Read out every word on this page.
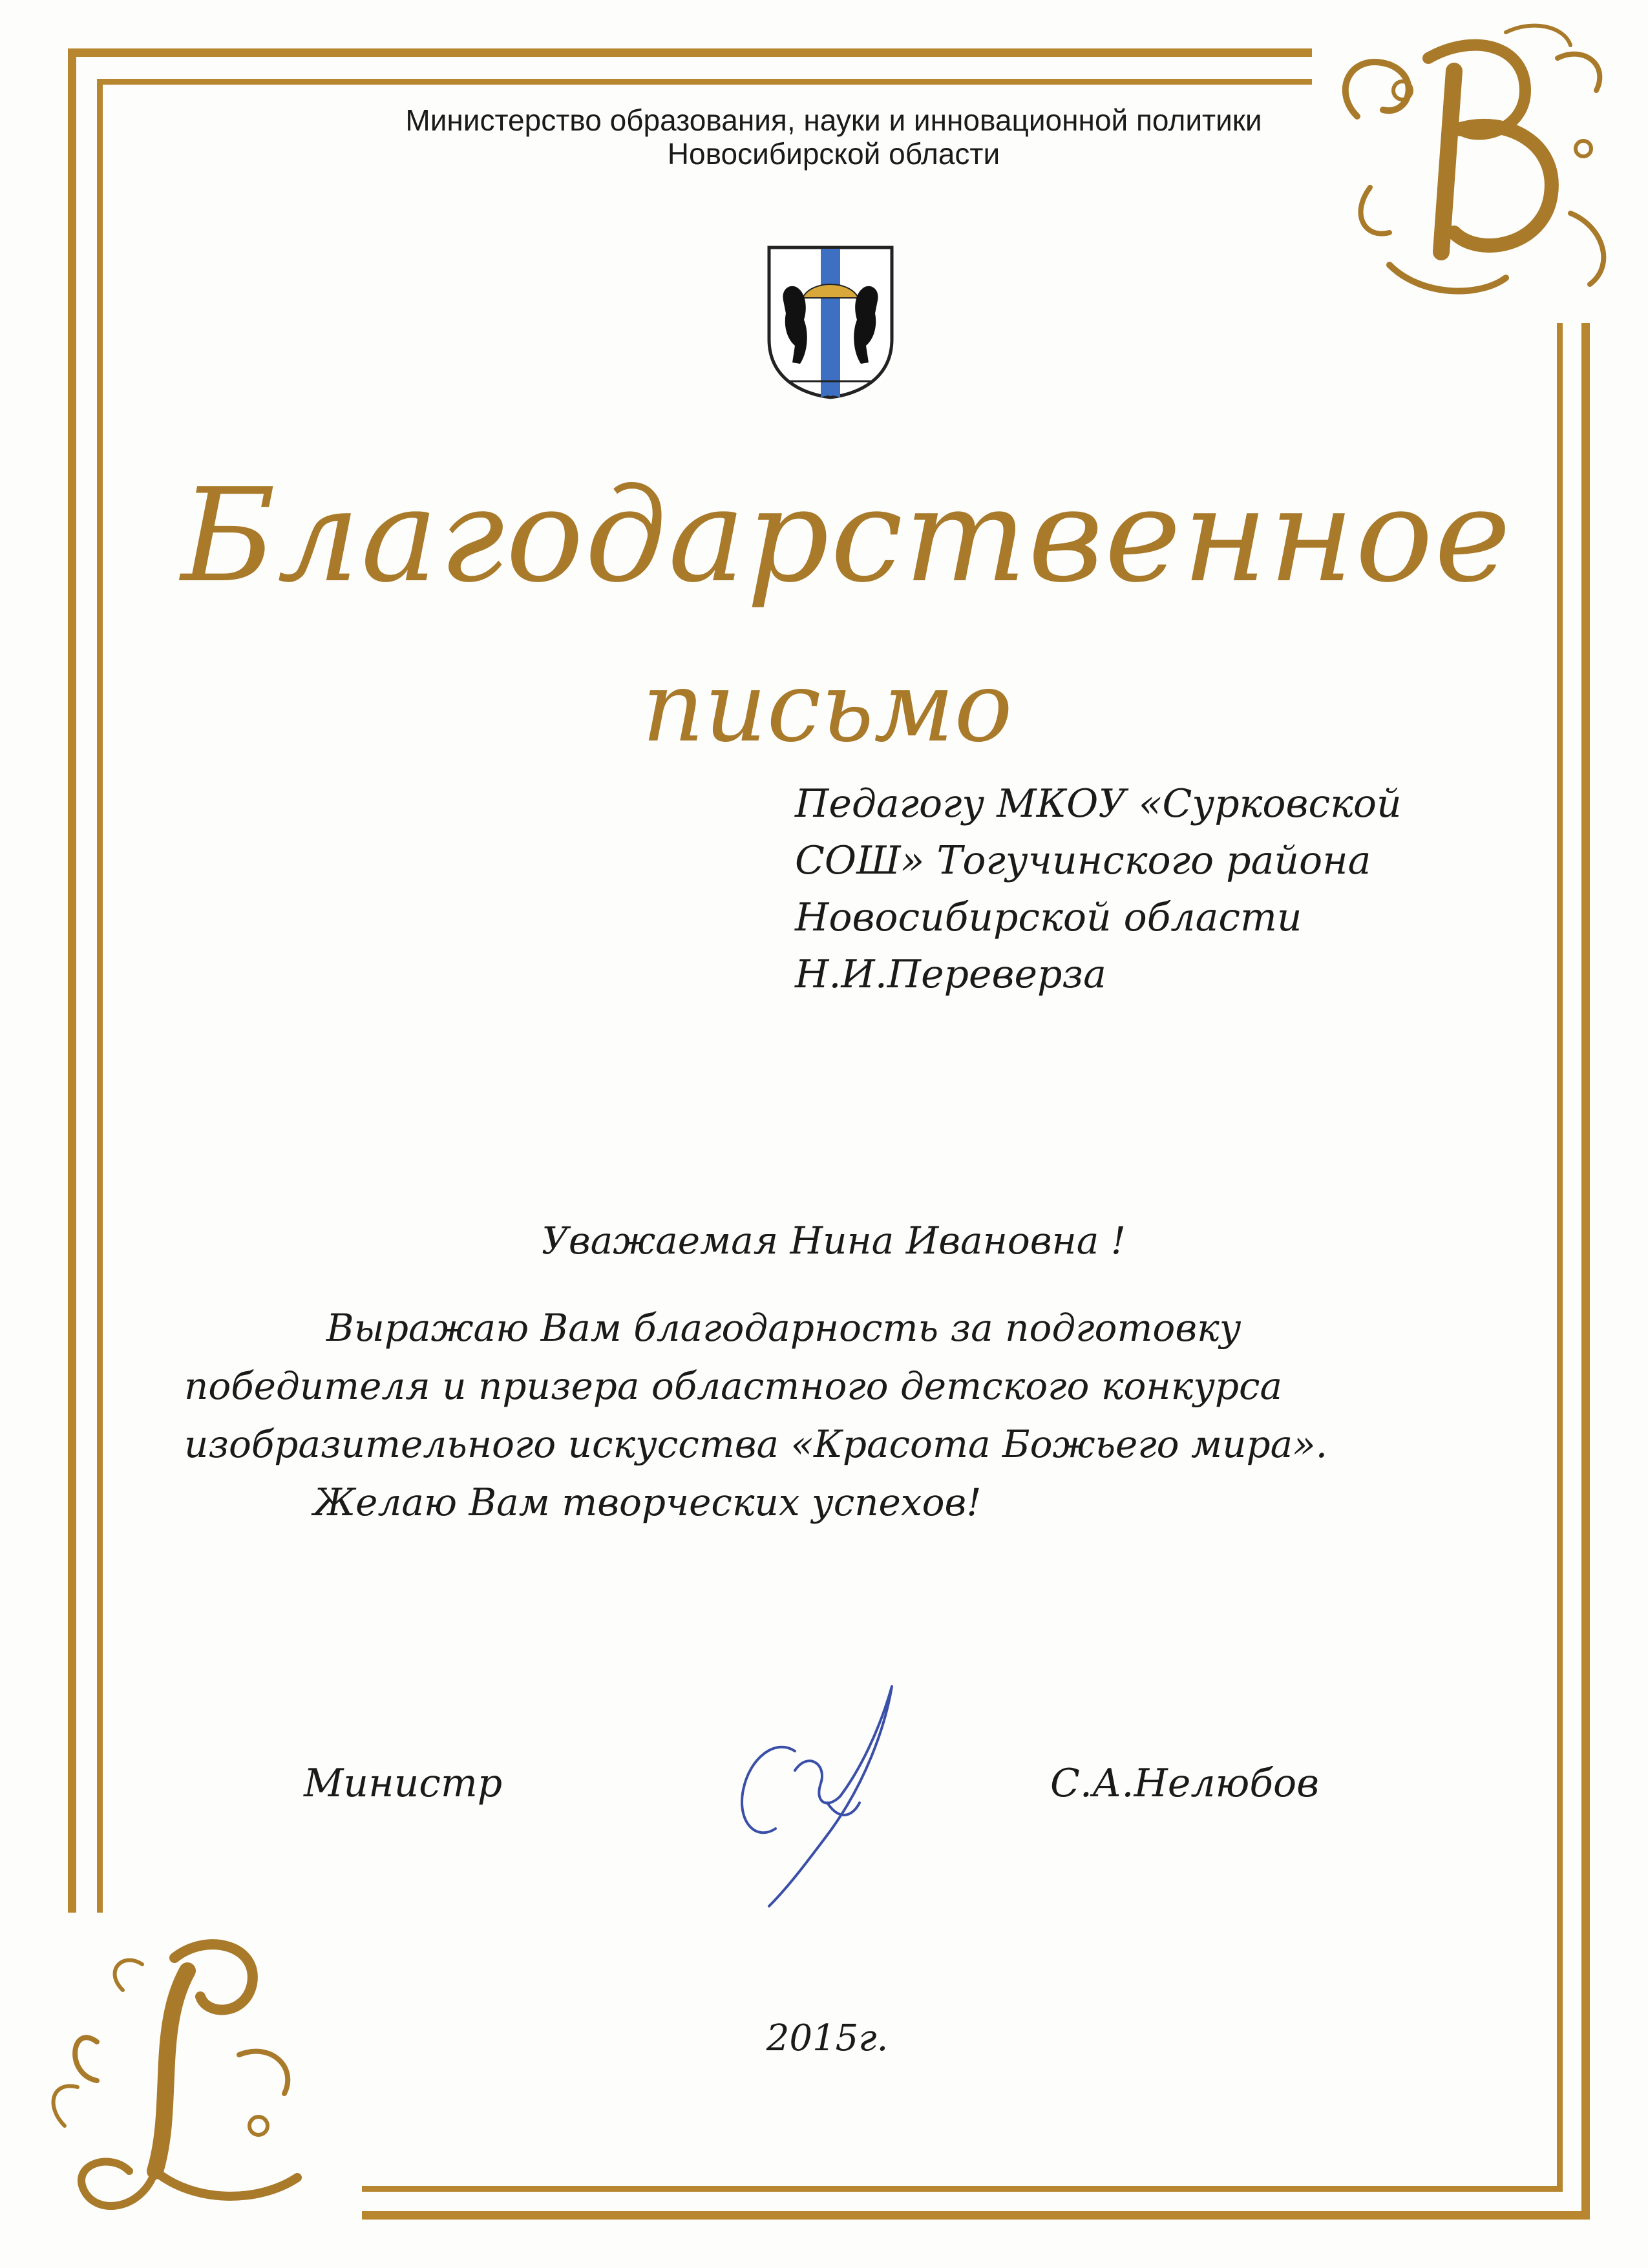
Министерство образования, науки и инновационной политики
Новосибирской области
Благодарственное
письмо
Педагогу МКОУ «Сурковской
СОШ» Тогучинского района
Новосибирской области
Н.И.Переверза
Уважаемая Нина Ивановна !
Выражаю Вам благодарность за подготовку
победителя и призера областного детского конкурса
изобразительного искусства «Красота Божьего мира».
Желаю Вам творческих успехов!
Министр	С.А.Нелюбов
2015г.
